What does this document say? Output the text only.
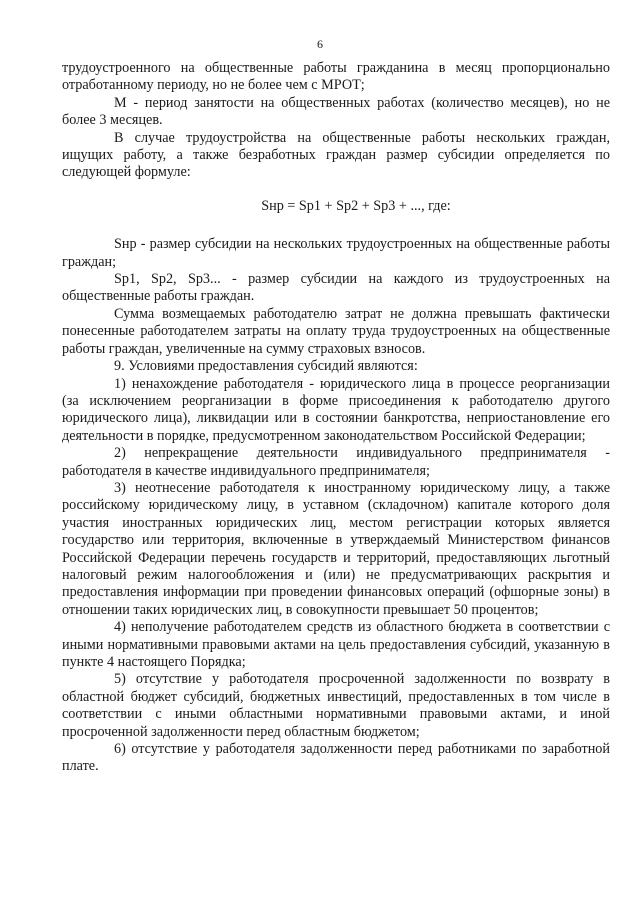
6

трудоустроенного на общественные работы гражданина в месяц пропорционально отработанному периоду, но не более чем с МРОТ;

М - период занятости на общественных работах (количество месяцев), но не более 3 месяцев.

В случае трудоустройства на общественные работы нескольких граждан, ищущих работу, а также безработных граждан размер субсидии определяется по следующей формуле:

Sнр = Sp1 + Sp2 + Sp3 + ..., где:

Sнр - размер субсидии на нескольких трудоустроенных на общественные работы граждан;

Sp1, Sp2, Sp3... - размер субсидии на каждого из трудоустроенных на общественные работы граждан.

Сумма возмещаемых работодателю затрат не должна превышать фактически понесенные работодателем затраты на оплату труда трудоустроенных на общественные работы граждан, увеличенные на сумму страховых взносов.

9. Условиями предоставления субсидий являются:

1) ненахождение работодателя - юридического лица в процессе реорганизации (за исключением реорганизации в форме присоединения к работодателю другого юридического лица), ликвидации или в состоянии банкротства, неприостановление его деятельности в порядке, предусмотренном законодательством Российской Федерации;

2) непрекращение деятельности индивидуального предпринимателя - работодателя в качестве индивидуального предпринимателя;

3) неотнесение работодателя к иностранному юридическому лицу, а также российскому юридическому лицу, в уставном (складочном) капитале которого доля участия иностранных юридических лиц, местом регистрации которых является государство или территория, включенные в утверждаемый Министерством финансов Российской Федерации перечень государств и территорий, предоставляющих льготный налоговый режим налогообложения и (или) не предусматривающих раскрытия и предоставления информации при проведении финансовых операций (офшорные зоны) в отношении таких юридических лиц, в совокупности превышает 50 процентов;

4) неполучение работодателем средств из областного бюджета в соответствии с иными нормативными правовыми актами на цель предоставления субсидий, указанную в пункте 4 настоящего Порядка;

5) отсутствие у работодателя просроченной задолженности по возврату в областной бюджет субсидий, бюджетных инвестиций, предоставленных в том числе в соответствии с иными областными нормативными правовыми актами, и иной просроченной задолженности перед областным бюджетом;

6) отсутствие у работодателя задолженности перед работниками по заработной плате.
